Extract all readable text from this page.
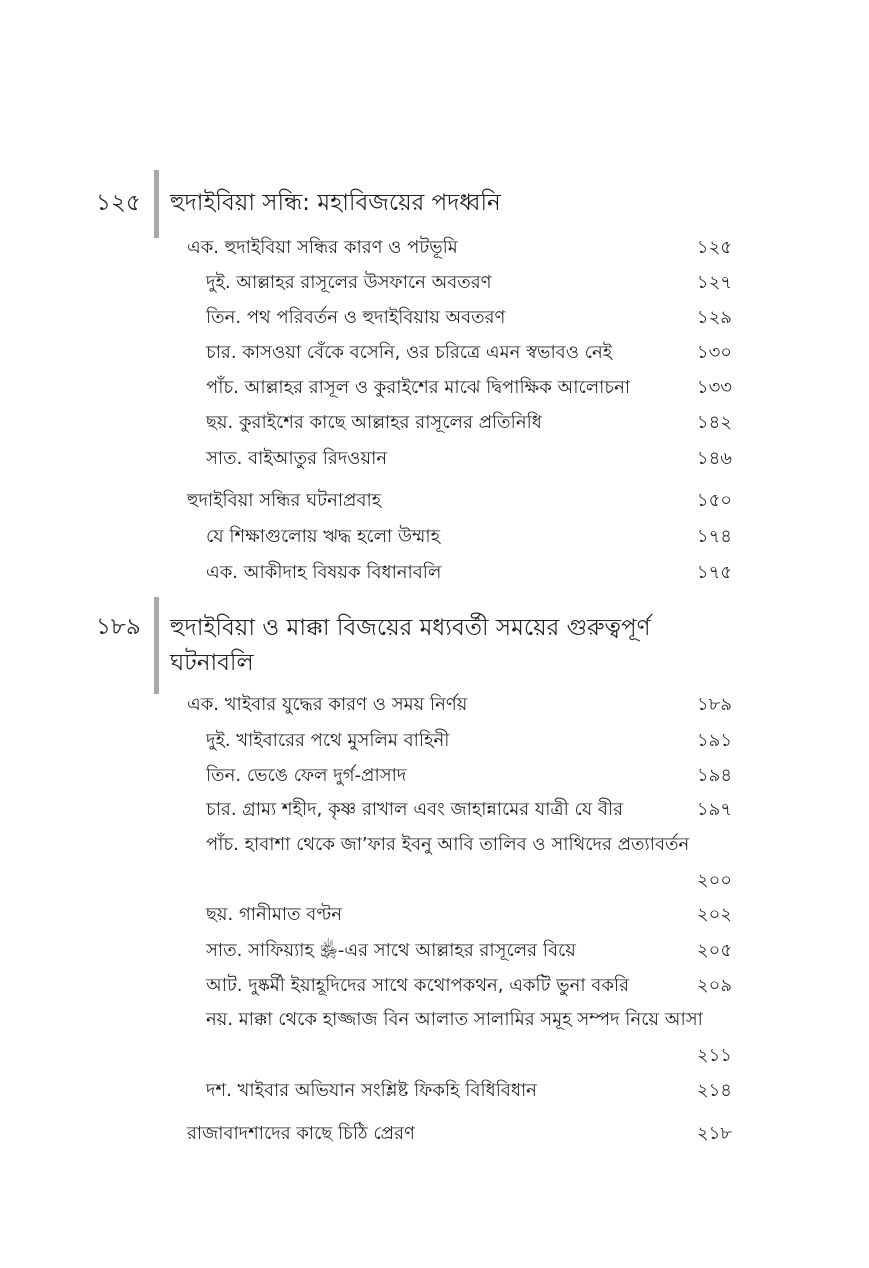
১২৫ হুদাইবিয়া সন্ধি: মহাবিজয়ের পদধ্বনি
এক. হুদাইবিয়া সন্ধির কারণ ও পটভূমি	১২৫
দুই. আল্লাহর রাসূলের উসফানে অবতরণ	১২৭
তিন. পথ পরিবর্তন ও হুদাইবিয়ায় অবতরণ	১২৯
চার. কাসওয়া বেঁকে বসেনি, ওর চরিত্রে এমন স্বভাবও নেই	১৩০
পাঁচ. আল্লাহর রাসূল ও কুরাইশের মাঝে দ্বিপাক্ষিক আলোচনা	১৩৩
ছয়. কুরাইশের কাছে আল্লাহর রাসূলের প্রতিনিধি	১৪২
সাত. বাইআতুর রিদওয়ান	১৪৬
হুদাইবিয়া সন্ধির ঘটনাপ্রবাহ	১৫০
যে শিক্ষাগুলোয় ঋদ্ধ হলো উম্মাহ	১৭৪
এক. আকীদাহ বিষয়ক বিধানাবলি	১৭৫
১৮৯ হুদাইবিয়া ও মাক্কা বিজয়ের মধ্যবর্তী সময়ের গুরুত্বপূর্ণ ঘটনাবলি
এক. খাইবার যুদ্ধের কারণ ও সময় নির্ণয়	১৮৯
দুই. খাইবারের পথে মুসলিম বাহিনী	১৯১
তিন. ভেঙে ফেল দুর্গ-প্রাসাদ	১৯৪
চার. গ্রাম্য শহীদ, কৃষ্ণ রাখাল এবং জাহান্নামের যাত্রী যে বীর	১৯৭
পাঁচ. হাবাশা থেকে জা’ফার ইবনু আবি তালিব ও সাথিদের প্রত্যাবর্তন
২০০
ছয়. গানীমাত বণ্টন	২০২
সাত. সাফিয়্যাহ ﵂-এর সাথে আল্লাহর রাসূলের বিয়ে	২০৫
আট. দুষ্কর্মী ইয়াহূদিদের সাথে কথোপকথন, একটি ভুনা বকরি	২০৯
নয়. মাক্কা থেকে হাজ্জাজ বিন আলাত সালামির সমূহ সম্পদ নিয়ে আসা
২১১
দশ. খাইবার অভিযান সংশ্লিষ্ট ফিকহি বিধিবিধান	২১৪
রাজাবাদশাদের কাছে চিঠি প্রেরণ	২১৮
